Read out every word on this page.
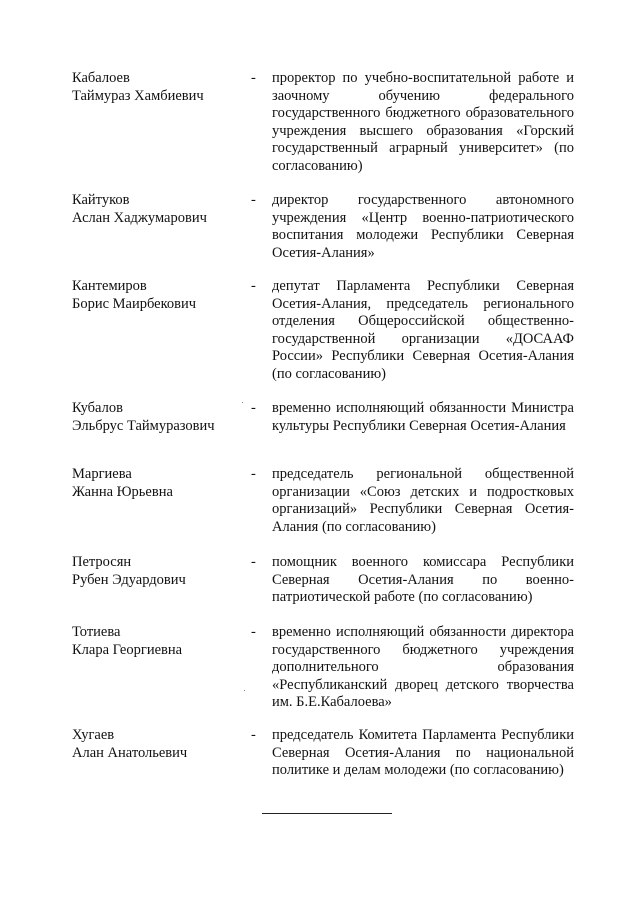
Кабалоев
Таймураз Хамбиевич
- проректор по учебно-воспитательной работе и заочному обучению федерального государственного бюджетного образовательного учреждения высшего образования «Горский государственный аграрный университет» (по согласованию)
Кайтуков
Аслан Хаджумарович
- директор государственного автономного учреждения «Центр военно-патриотического воспитания молодежи Республики Северная Осетия-Алания»
Кантемиров
Борис Маирбекович
- депутат Парламента Республики Северная Осетия-Алания, председатель регионального отделения Общероссийской общественно-государственной организации «ДОСААФ России» Республики Северная Осетия-Алания (по согласованию)
Кубалов
Эльбрус Таймуразович
- временно исполняющий обязанности Министра культуры Республики Северная Осетия-Алания
Маргиева
Жанна Юрьевна
- председатель региональной общественной организации «Союз детских и подростковых организаций» Республики Северная Осетия-Алания (по согласованию)
Петросян
Рубен Эдуардович
- помощник военного комиссара Республики Северная Осетия-Алания по военно-патриотической работе (по согласованию)
Тотиева
Клара Георгиевна
- временно исполняющий обязанности директора государственного бюджетного учреждения дополнительного образования «Республиканский дворец детского творчества им. Б.Е.Кабалоева»
Хугаев
Алан Анатольевич
- председатель Комитета Парламента Республики Северная Осетия-Алания по национальной политике и делам молодежи (по согласованию)
